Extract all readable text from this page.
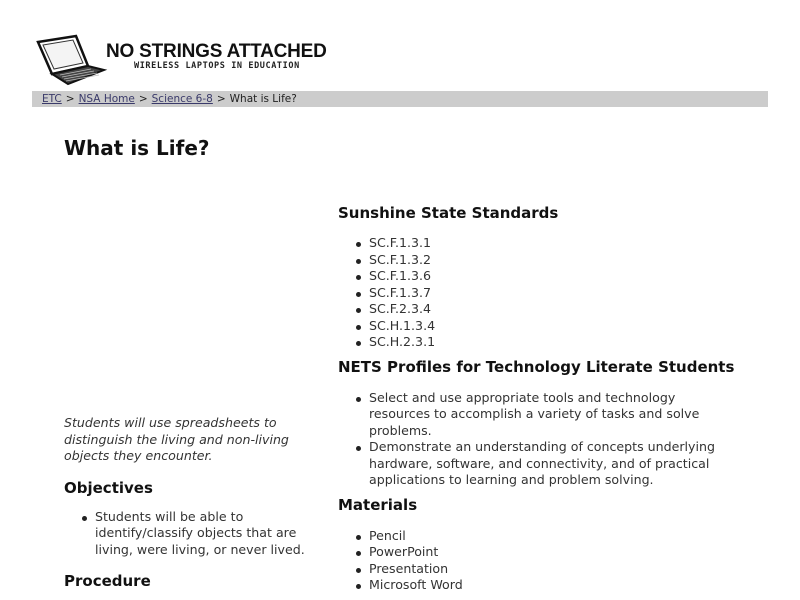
NO STRINGS ATTACHED
WIRELESS LAPTOPS IN EDUCATION
ETC > NSA Home > Science 6-8 > What is Life?
What is Life?

Students will use spreadsheets to distinguish the living and non-living objects they encounter.

Objectives
Students will be able to identify/classify objects that are living, were living, or never lived.
Procedure
Sunshine State Standards
SC.F.1.3.1
SC.F.1.3.2
SC.F.1.3.6
SC.F.1.3.7
SC.F.2.3.4
SC.H.1.3.4
SC.H.2.3.1
NETS Profiles for Technology Literate Students
Select and use appropriate tools and technology resources to accomplish a variety of tasks and solve problems.
Demonstrate an understanding of concepts underlying hardware, software, and connectivity, and of practical applications to learning and problem solving.
Materials
Pencil
PowerPoint
Presentation
Microsoft Word
